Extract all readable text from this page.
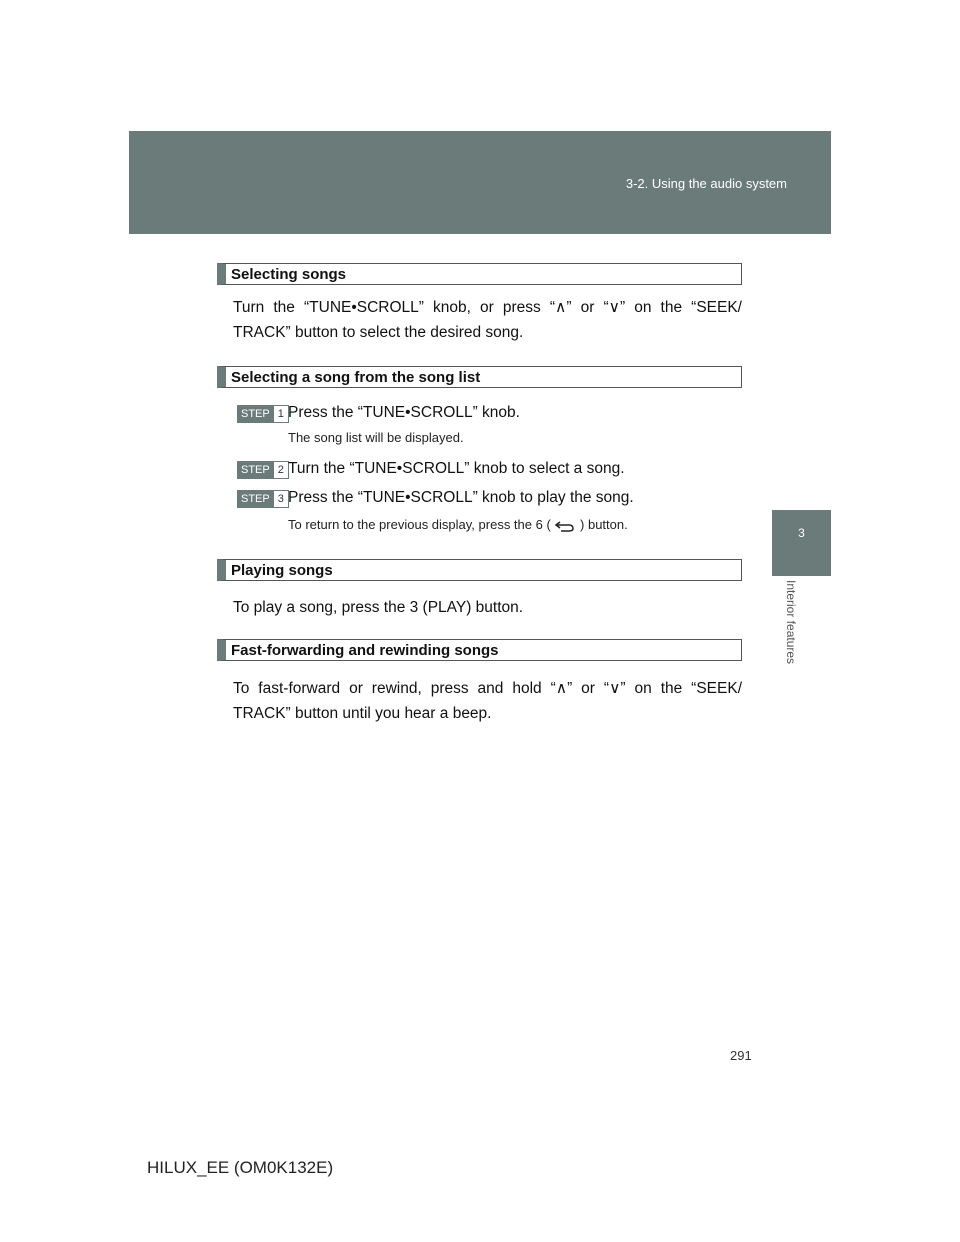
3-2. Using the audio system
3
Interior features
Selecting songs
Turn the “TUNE•SCROLL” knob, or press “∧” or “∨” on the “SEEK/ TRACK” button to select the desired song.
Selecting a song from the song list
STEP 1 Press the “TUNE•SCROLL” knob.
The song list will be displayed.
STEP 2 Turn the “TUNE•SCROLL” knob to select a song.
STEP 3 Press the “TUNE•SCROLL” knob to play the song.
To return to the previous display, press the 6 ( ) button.
Playing songs
To play a song, press the 3 (PLAY) button.
Fast-forwarding and rewinding songs
To fast-forward or rewind, press and hold “∧” or “∨” on the “SEEK/ TRACK” button until you hear a beep.
291
HILUX_EE (OM0K132E)
